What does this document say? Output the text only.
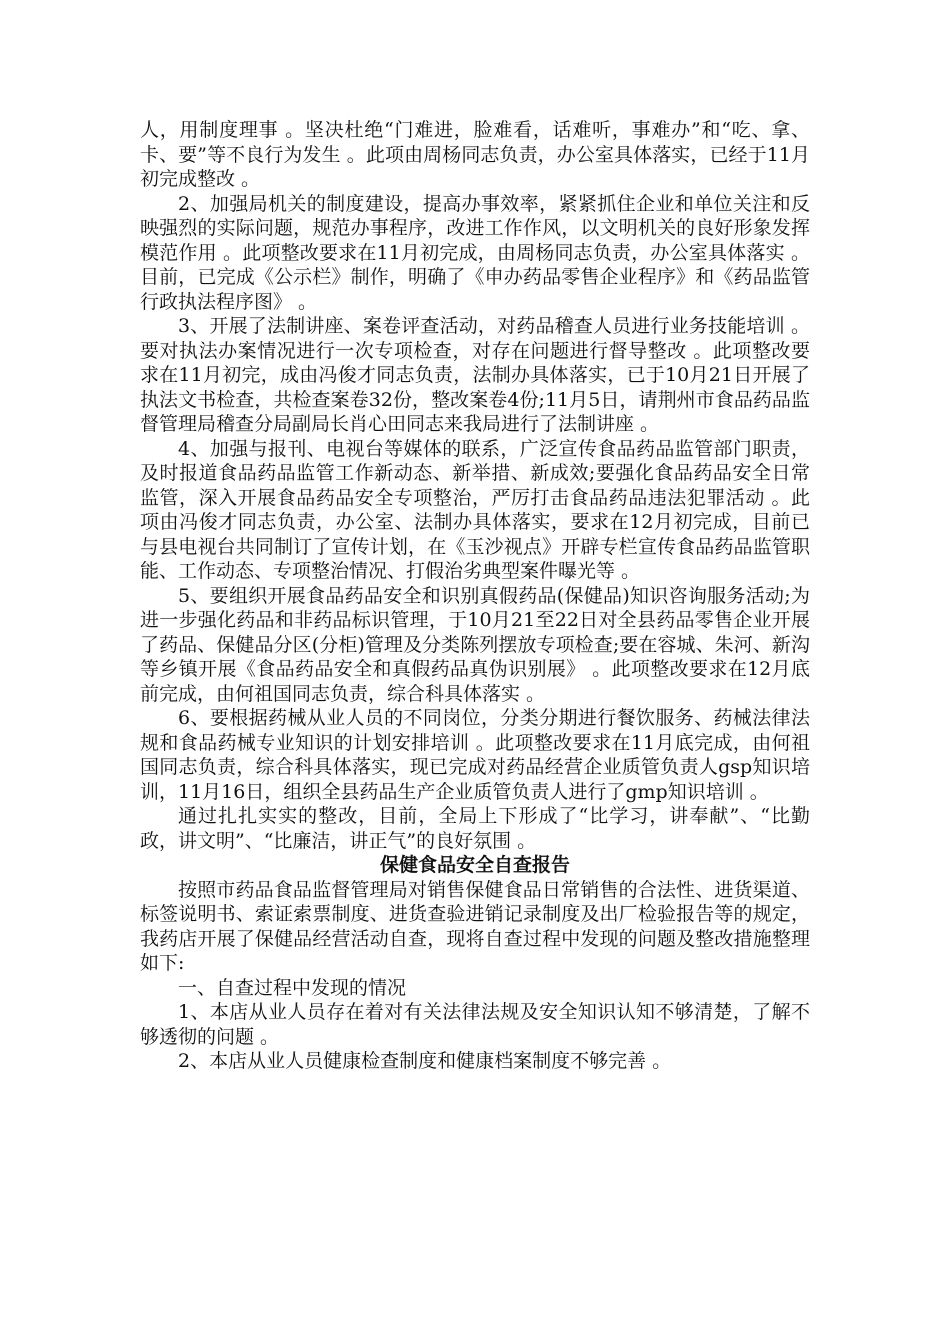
人，用制度理事 。坚决杜绝“门难进，脸难看，话难听，事难办”和“吃、拿、卡、要”等不良行为发生 。此项由周杨同志负责，办公室具体落实，已经于11月初完成整改 。

2、加强局机关的制度建设，提高办事效率，紧紧抓住企业和单位关注和反映强烈的实际问题，规范办事程序，改进工作作风，以文明机关的良好形象发挥模范作用 。此项整改要求在11月初完成，由周杨同志负责，办公室具体落实 。目前，已完成《公示栏》制作，明确了《申办药品零售企业程序》和《药品监管行政执法程序图》 。

3、开展了法制讲座、案卷评查活动，对药品稽查人员进行业务技能培训 。要对执法办案情况进行一次专项检查，对存在问题进行督导整改 。此项整改要求在11月初完，成由冯俊才同志负责，法制办具体落实，已于10月21日开展了执法文书检查，共检查案卷32份，整改案卷4份;11月5日，请荆州市食品药品监督管理局稽查分局副局长肖心田同志来我局进行了法制讲座 。

4、加强与报刊、电视台等媒体的联系，广泛宣传食品药品监管部门职责，及时报道食品药品监管工作新动态、新举措、新成效;要强化食品药品安全日常监管，深入开展食品药品安全专项整治，严厉打击食品药品违法犯罪活动 。此项由冯俊才同志负责，办公室、法制办具体落实，要求在12月初完成，目前已与县电视台共同制订了宣传计划，在《玉沙视点》开辟专栏宣传食品药品监管职能、工作动态、专项整治情况、打假治劣典型案件曝光等 。

5、要组织开展食品药品安全和识别真假药品(保健品)知识咨询服务活动;为进一步强化药品和非药品标识管理，于10月21至22日对全县药品零售企业开展了药品、保健品分区(分柜)管理及分类陈列摆放专项检查;要在容城、朱河、新沟等乡镇开展《食品药品安全和真假药品真伪识别展》 。此项整改要求在12月底前完成，由何祖国同志负责，综合科具体落实 。

6、要根据药械从业人员的不同岗位，分类分期进行餐饮服务、药械法律法规和食品药械专业知识的计划安排培训 。此项整改要求在11月底完成，由何祖国同志负责，综合科具体落实，现已完成对药品经营企业质管负责人gsp知识培训，11月16日，组织全县药品生产企业质管负责人进行了gmp知识培训 。

通过扎扎实实的整改，目前，全局上下形成了“比学习，讲奉献”、“比勤政，讲文明”、“比廉洁，讲正气”的良好氛围 。

保健食品安全自查报告

按照市药品食品监督管理局对销售保健食品日常销售的合法性、进货渠道、标签说明书、索证索票制度、进货查验进销记录制度及出厂检验报告等的规定，我药店开展了保健品经营活动自查，现将自查过程中发现的问题及整改措施整理如下:

一、自查过程中发现的情况

1、本店从业人员存在着对有关法律法规及安全知识认知不够清楚，了解不够透彻的问题 。

2、本店从业人员健康检查制度和健康档案制度不够完善 。
